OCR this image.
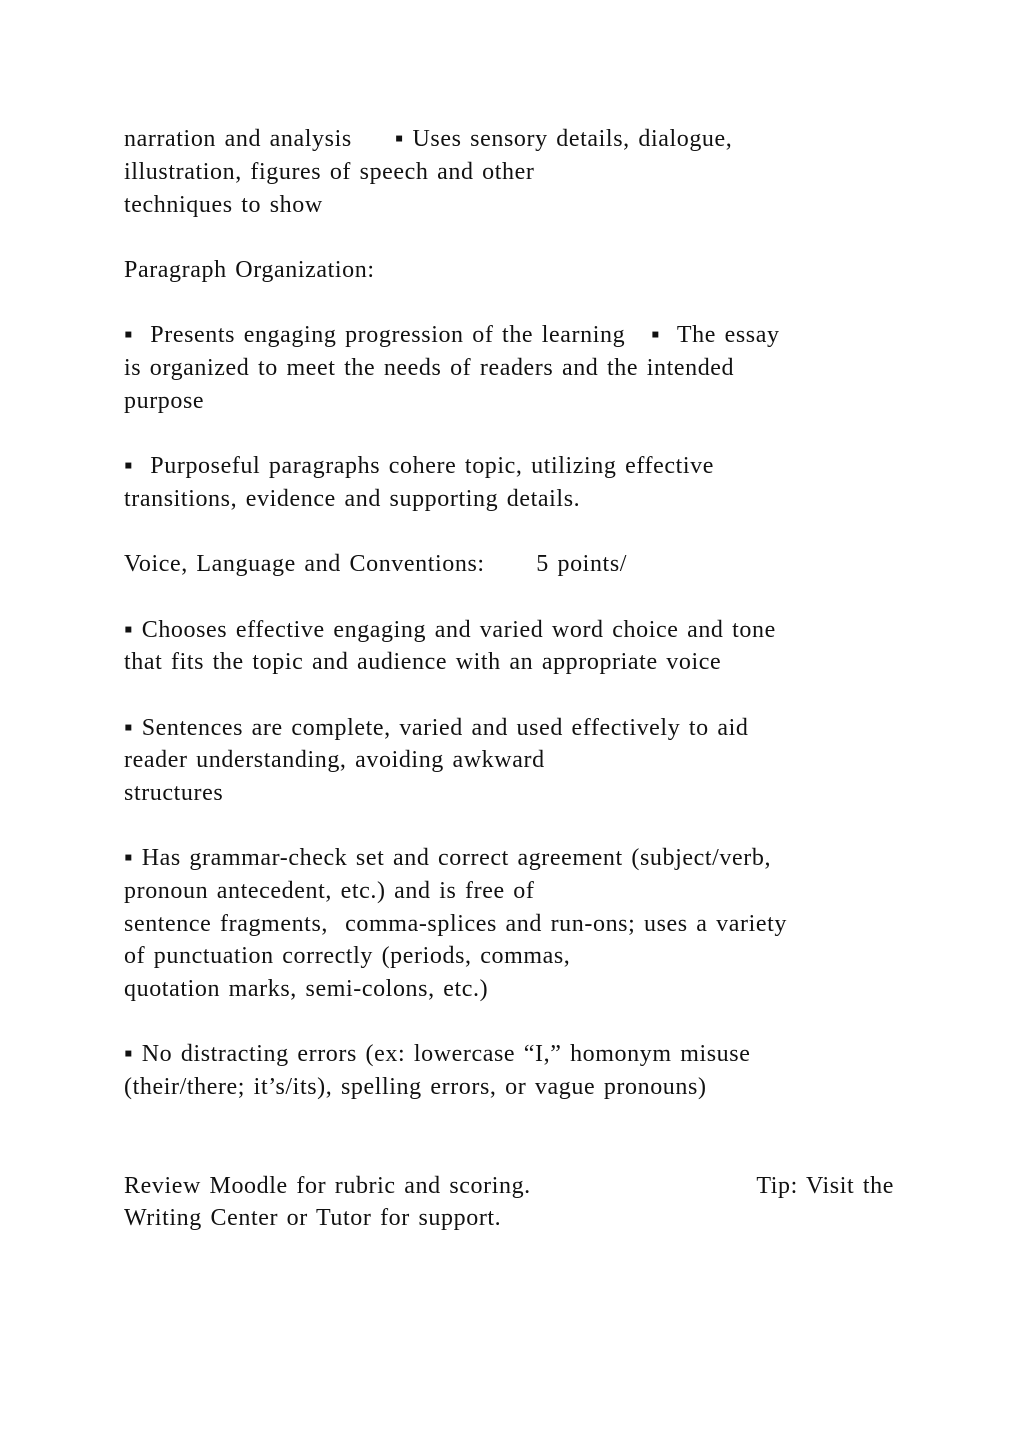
narration and analysis     ▪ Uses sensory details, dialogue,
illustration, figures of speech and other
techniques to show
Paragraph Organization:
▪  Presents engaging progression of the learning   ▪  The essay
is organized to meet the needs of readers and the intended
purpose
▪  Purposeful paragraphs cohere topic, utilizing effective
transitions, evidence and supporting details.
Voice, Language and Conventions:      5 points/
▪ Chooses effective engaging and varied word choice and tone
that fits the topic and audience with an appropriate voice
▪ Sentences are complete, varied and used effectively to aid
reader understanding, avoiding awkward
structures
▪ Has grammar-check set and correct agreement (subject/verb,
pronoun antecedent, etc.) and is free of
sentence fragments,  comma-splices and run-ons; uses a variety
of punctuation correctly (periods, commas,
quotation marks, semi-colons, etc.)
▪ No distracting errors (ex: lowercase “I,” homonym misuse
(their/there; it’s/its), spelling errors, or vague pronouns)
Review Moodle for rubric and scoring.	Tip: Visit the
Writing Center or Tutor for support.
